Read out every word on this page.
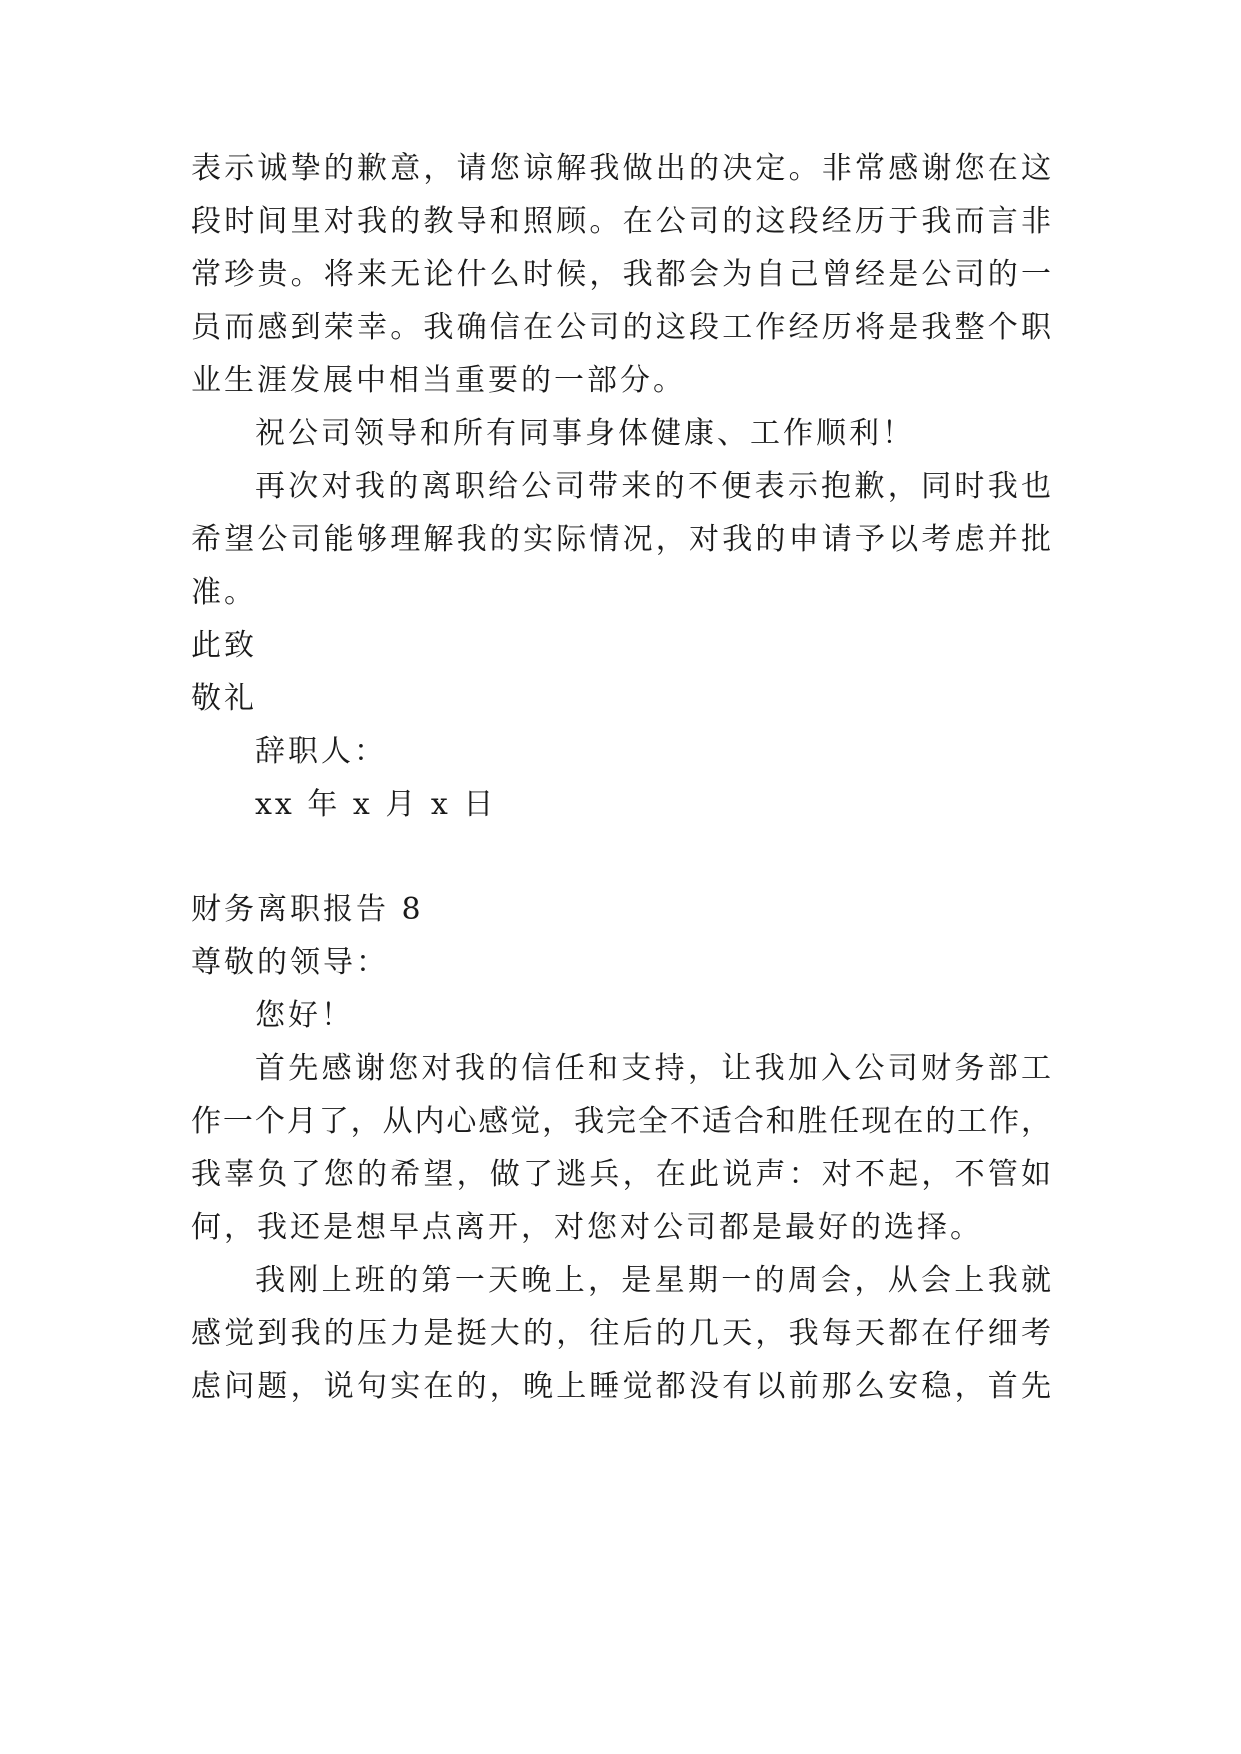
表示诚挚的歉意，请您谅解我做出的决定。非常感谢您在这
段时间里对我的教导和照顾。在公司的这段经历于我而言非
常珍贵。将来无论什么时候，我都会为自己曾经是公司的一
员而感到荣幸。我确信在公司的这段工作经历将是我整个职
业生涯发展中相当重要的一部分。
祝公司领导和所有同事身体健康、工作顺利！
再次对我的离职给公司带来的不便表示抱歉，同时我也
希望公司能够理解我的实际情况，对我的申请予以考虑并批
准。
此致
敬礼
辞职人：
xx 年 x 月 x 日
财务离职报告 8
尊敬的领导：
您好！
首先感谢您对我的信任和支持，让我加入公司财务部工
作一个月了，从内心感觉，我完全不适合和胜任现在的工作，
我辜负了您的希望，做了逃兵，在此说声：对不起，不管如
何，我还是想早点离开，对您对公司都是最好的选择。
我刚上班的第一天晚上，是星期一的周会，从会上我就
感觉到我的压力是挺大的，往后的几天，我每天都在仔细考
虑问题，说句实在的，晚上睡觉都没有以前那么安稳，首先
